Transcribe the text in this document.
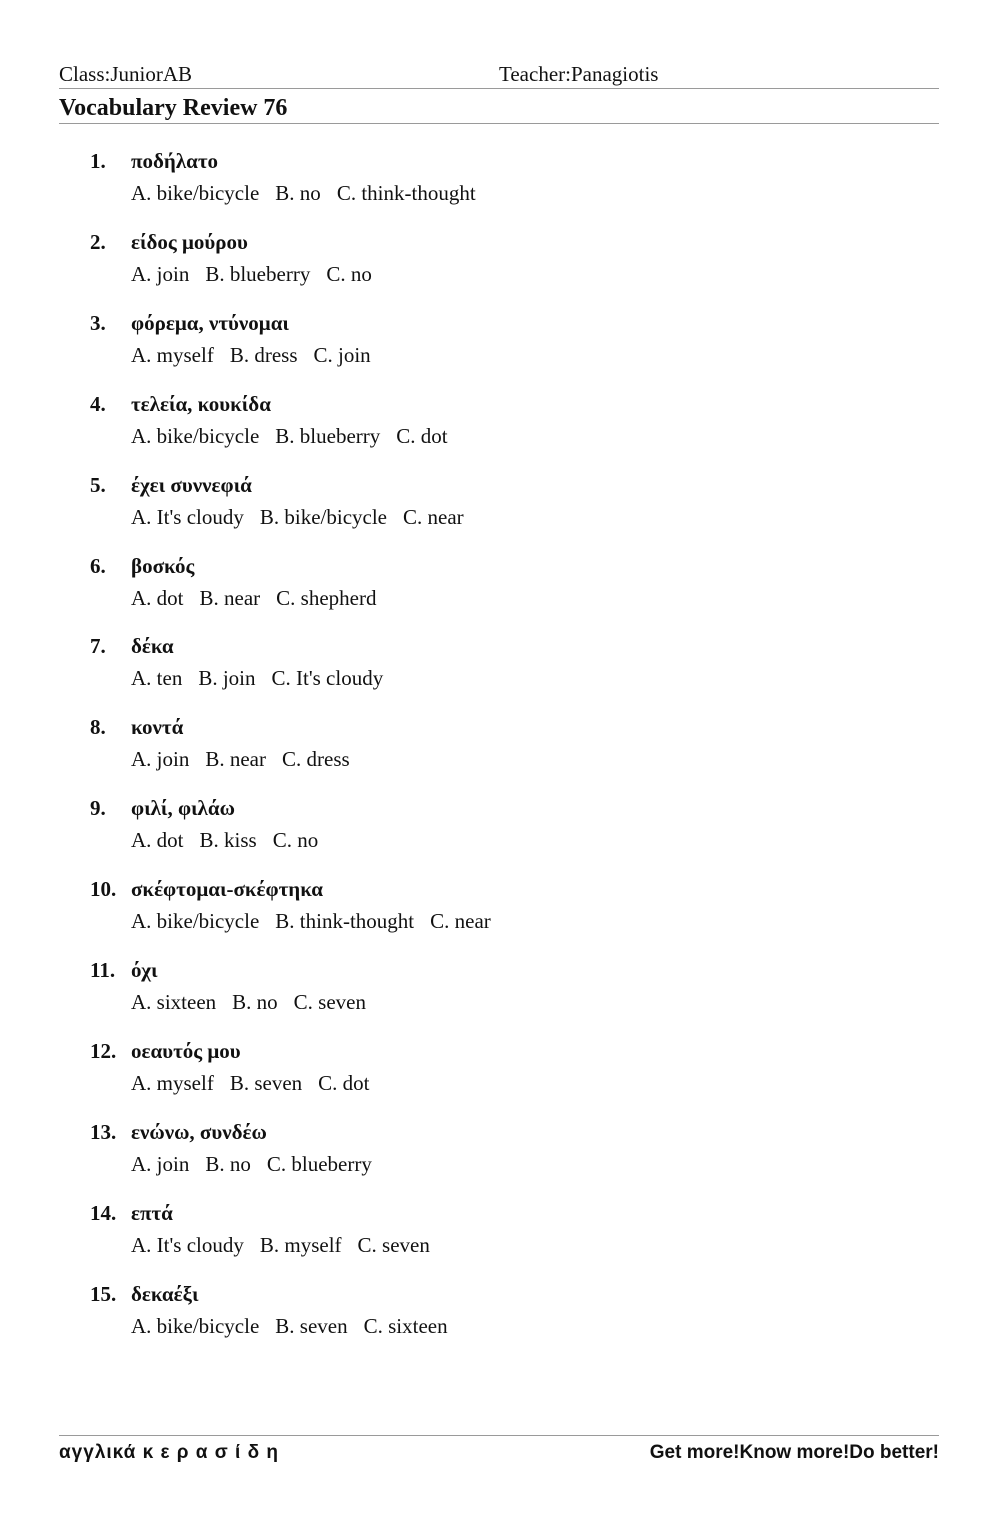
Class:JuniorAB	Teacher:Panagiotis
Vocabulary Review 76
1. ποδήλατο
A. bike/bicycle B. no C. think-thought
2. είδος μούρου
A. join B. blueberry C. no
3. φόρεμα, ντύνομαι
A. myself B. dress C. join
4. τελεία, κουκίδα
A. bike/bicycle B. blueberry C. dot
5. έχει συννεφιά
A. It's cloudy B. bike/bicycle C. near
6. βοσκός
A. dot B. near C. shepherd
7. δέκα
A. ten B. join C. It's cloudy
8. κοντά
A. join B. near C. dress
9. φιλί, φιλάω
A. dot B. kiss C. no
10. σκέφτομαι-σκέφτηκα
A. bike/bicycle B. think-thought C. near
11. όχι
A. sixteen B. no C. seven
12. οεαυτός μου
A. myself B. seven C. dot
13. ενώνω, συνδέω
A. join B. no C. blueberry
14. επτά
A. It's cloudy B. myself C. seven
15. δεκαέξι
A. bike/bicycle B. seven C. sixteen
αγγλικά κ ε ρ α σ ί δ η	Get more!Know more!Do better!
